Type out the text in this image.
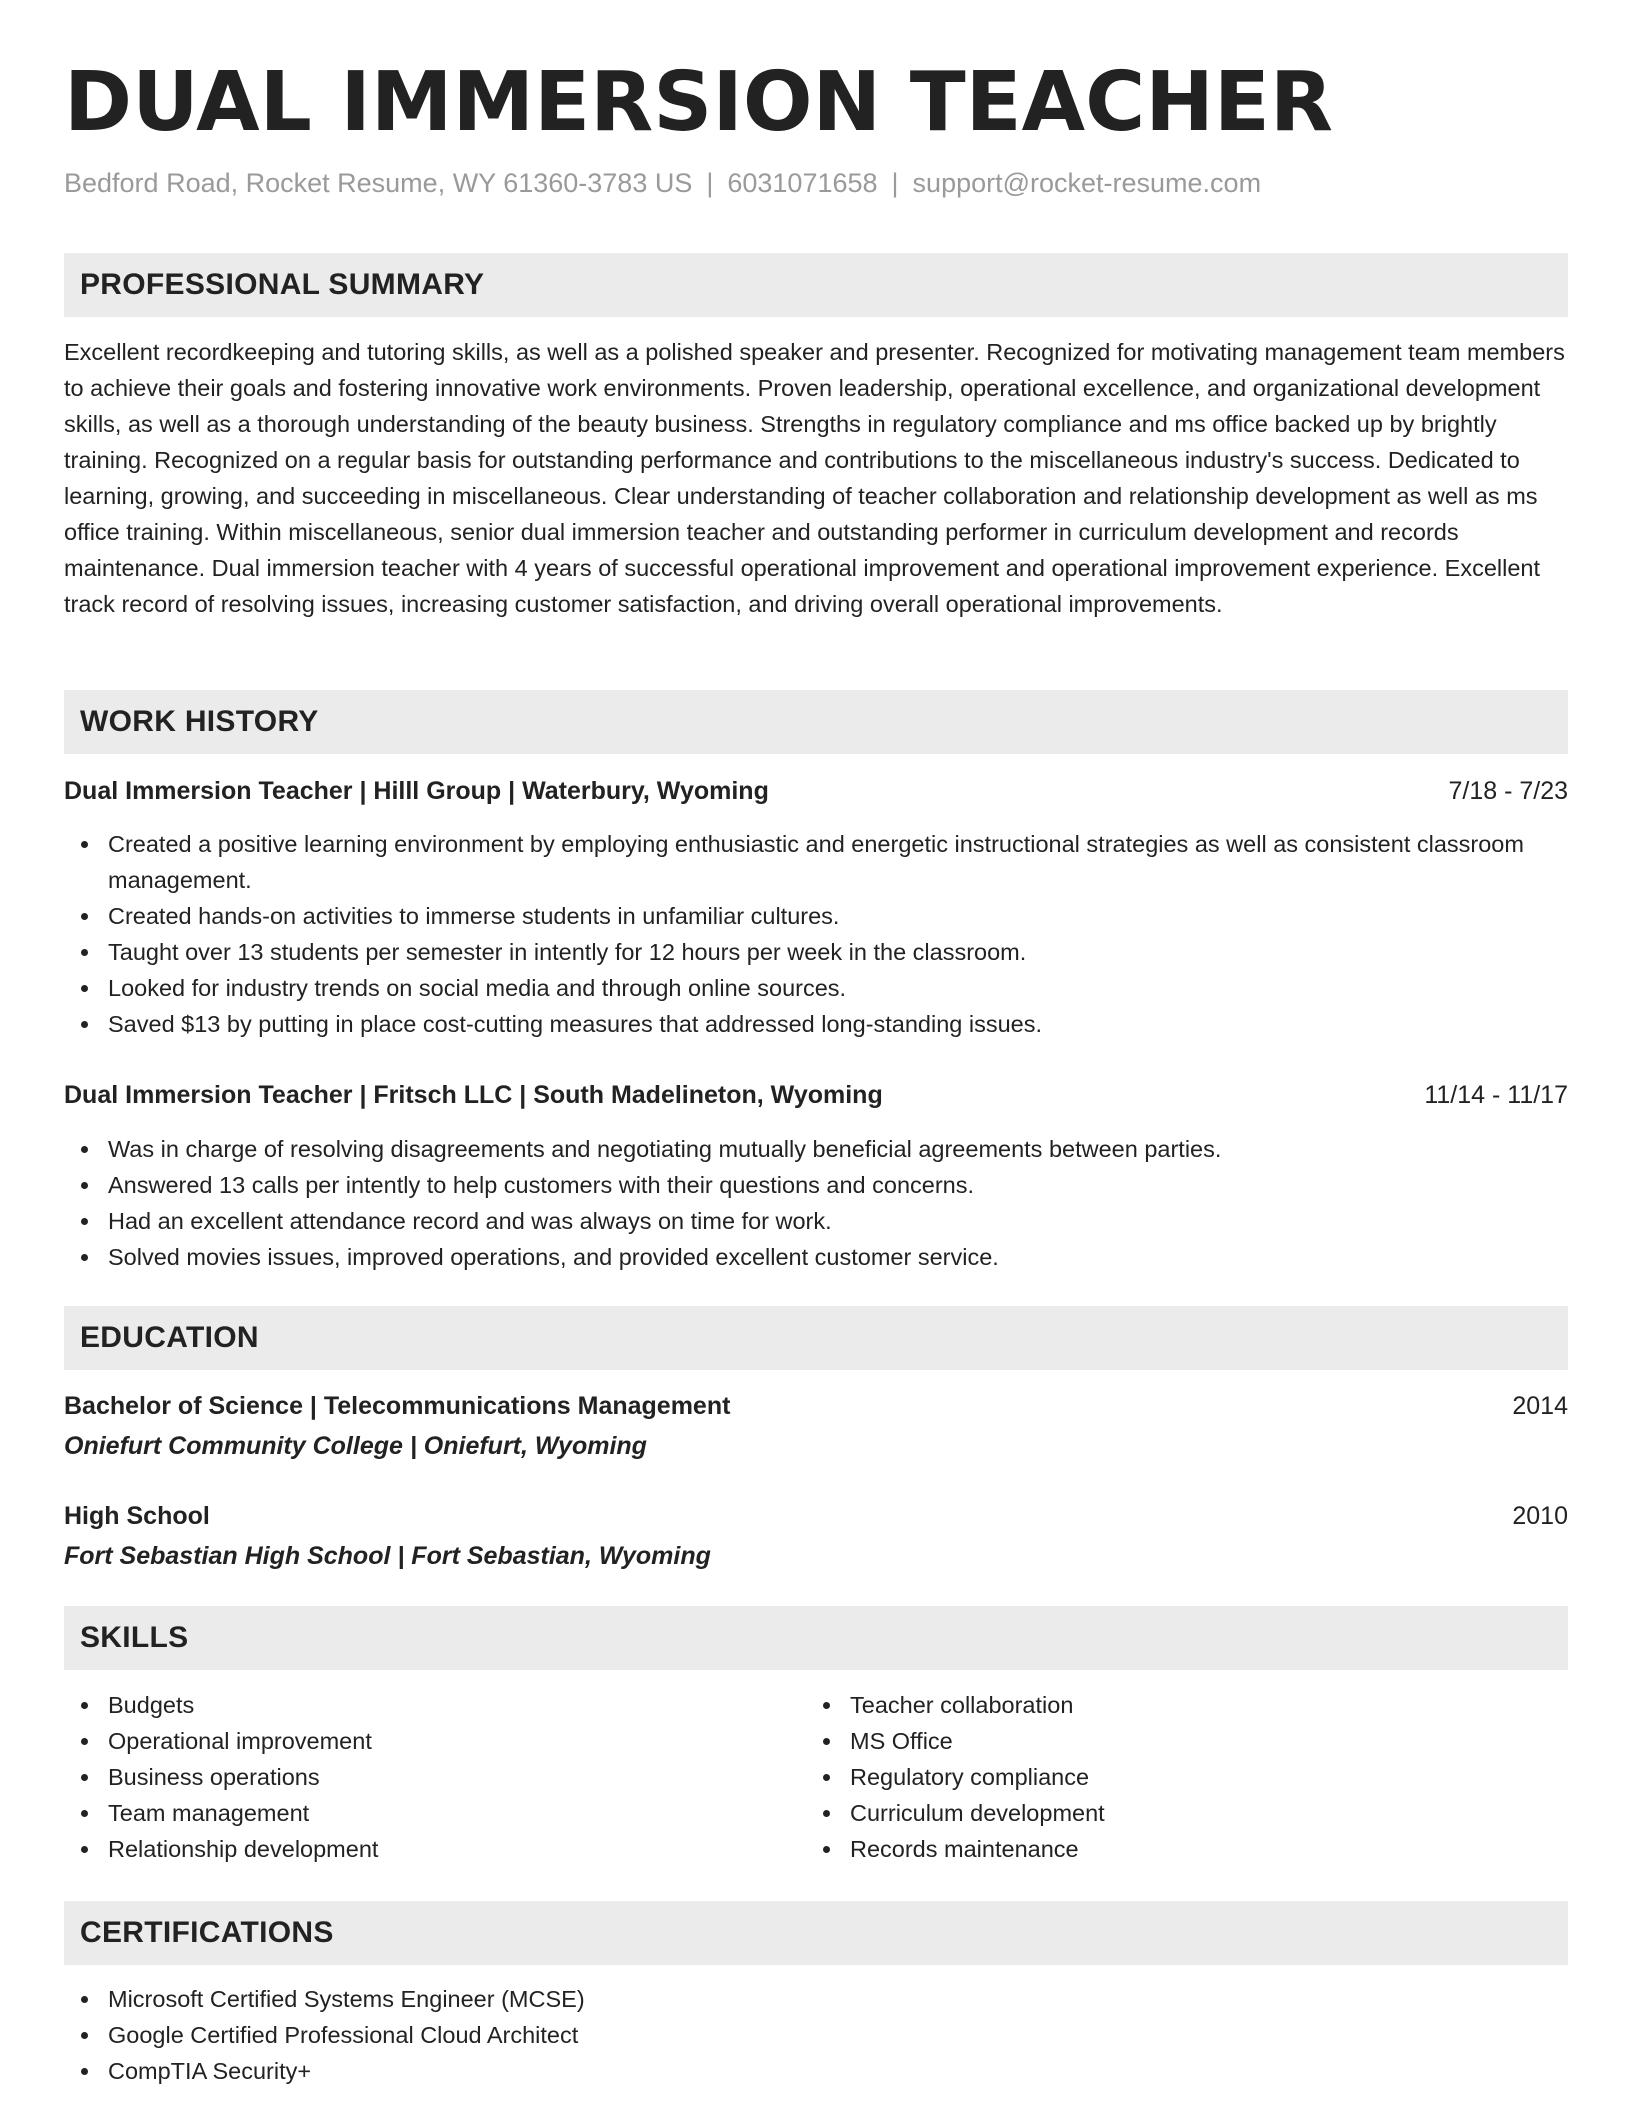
DUAL IMMERSION TEACHER
Bedford Road, Rocket Resume, WY 61360-3783 US | 6031071658 | support@rocket-resume.com
PROFESSIONAL SUMMARY
Excellent recordkeeping and tutoring skills, as well as a polished speaker and presenter. Recognized for motivating management team members to achieve their goals and fostering innovative work environments. Proven leadership, operational excellence, and organizational development skills, as well as a thorough understanding of the beauty business. Strengths in regulatory compliance and ms office backed up by brightly training. Recognized on a regular basis for outstanding performance and contributions to the miscellaneous industry's success. Dedicated to learning, growing, and succeeding in miscellaneous. Clear understanding of teacher collaboration and relationship development as well as ms office training. Within miscellaneous, senior dual immersion teacher and outstanding performer in curriculum development and records maintenance. Dual immersion teacher with 4 years of successful operational improvement and operational improvement experience. Excellent track record of resolving issues, increasing customer satisfaction, and driving overall operational improvements.
WORK HISTORY
Dual Immersion Teacher | Hilll Group | Waterbury, Wyoming	7/18 - 7/23
Created a positive learning environment by employing enthusiastic and energetic instructional strategies as well as consistent classroom management.
Created hands-on activities to immerse students in unfamiliar cultures.
Taught over 13 students per semester in intently for 12 hours per week in the classroom.
Looked for industry trends on social media and through online sources.
Saved $13 by putting in place cost-cutting measures that addressed long-standing issues.
Dual Immersion Teacher | Fritsch LLC | South Madelineton, Wyoming	11/14 - 11/17
Was in charge of resolving disagreements and negotiating mutually beneficial agreements between parties.
Answered 13 calls per intently to help customers with their questions and concerns.
Had an excellent attendance record and was always on time for work.
Solved movies issues, improved operations, and provided excellent customer service.
EDUCATION
Bachelor of Science | Telecommunications Management	2014
Oniefurt Community College | Oniefurt, Wyoming
High School	2010
Fort Sebastian High School | Fort Sebastian, Wyoming
SKILLS
Budgets
Operational improvement
Business operations
Team management
Relationship development
Teacher collaboration
MS Office
Regulatory compliance
Curriculum development
Records maintenance
CERTIFICATIONS
Microsoft Certified Systems Engineer (MCSE)
Google Certified Professional Cloud Architect
CompTIA Security+
